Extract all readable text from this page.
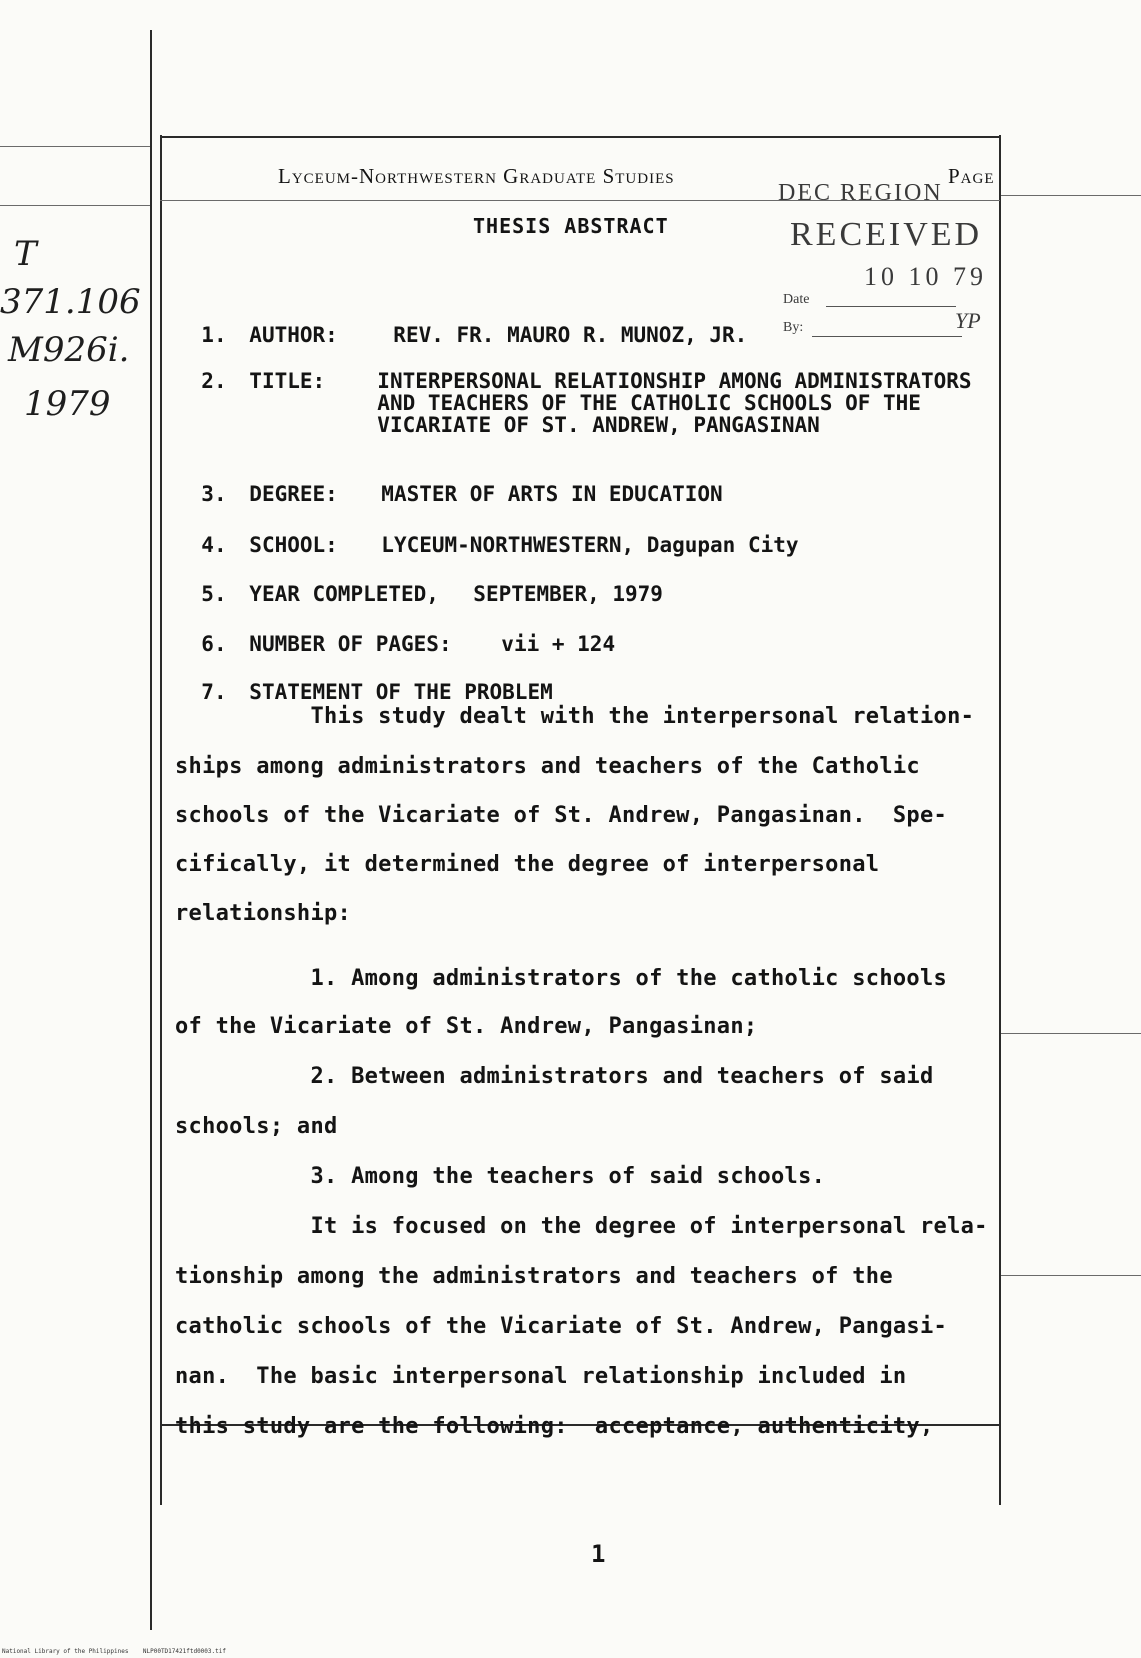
T
371.106
M926i.
1979
Lyceum-Northwestern Graduate Studies	Page
THESIS ABSTRACT
DEC REGION
RECEIVED
Date
10 10 79
By:	YP

1. AUTHOR:	REV. FR. MAURO R. MUNOZ, JR.

2. TITLE: INTERPERSONAL RELATIONSHIP AMONG ADMINISTRATORS

AND TEACHERS OF THE CATHOLIC SCHOOLS OF THE

VICARIATE OF ST. ANDREW, PANGASINAN

3. DEGREE: MASTER OF ARTS IN EDUCATION

4. SCHOOL: LYCEUM-NORTHWESTERN, Dagupan City

5. YEAR COMPLETED, SEPTEMBER, 1979

6. NUMBER OF PAGES: vii + 124

7. STATEMENT OF THE PROBLEM

This study dealt with the interpersonal relation-
ships among administrators and teachers of the Catholic
schools of the Vicariate of St. Andrew, Pangasinan.  Spe-
cifically, it determined the degree of interpersonal
relationship:
1. Among administrators of the catholic schools
of the Vicariate of St. Andrew, Pangasinan;
2. Between administrators and teachers of said
schools; and
3. Among the teachers of said schools.
It is focused on the degree of interpersonal rela-
tionship among the administrators and teachers of the
catholic schools of the Vicariate of St. Andrew, Pangasi-
nan.  The basic interpersonal relationship included in
this study are the following:  acceptance, authenticity,
1
National Library of the Philippines    NLP00TD17421ftd0003.tif
